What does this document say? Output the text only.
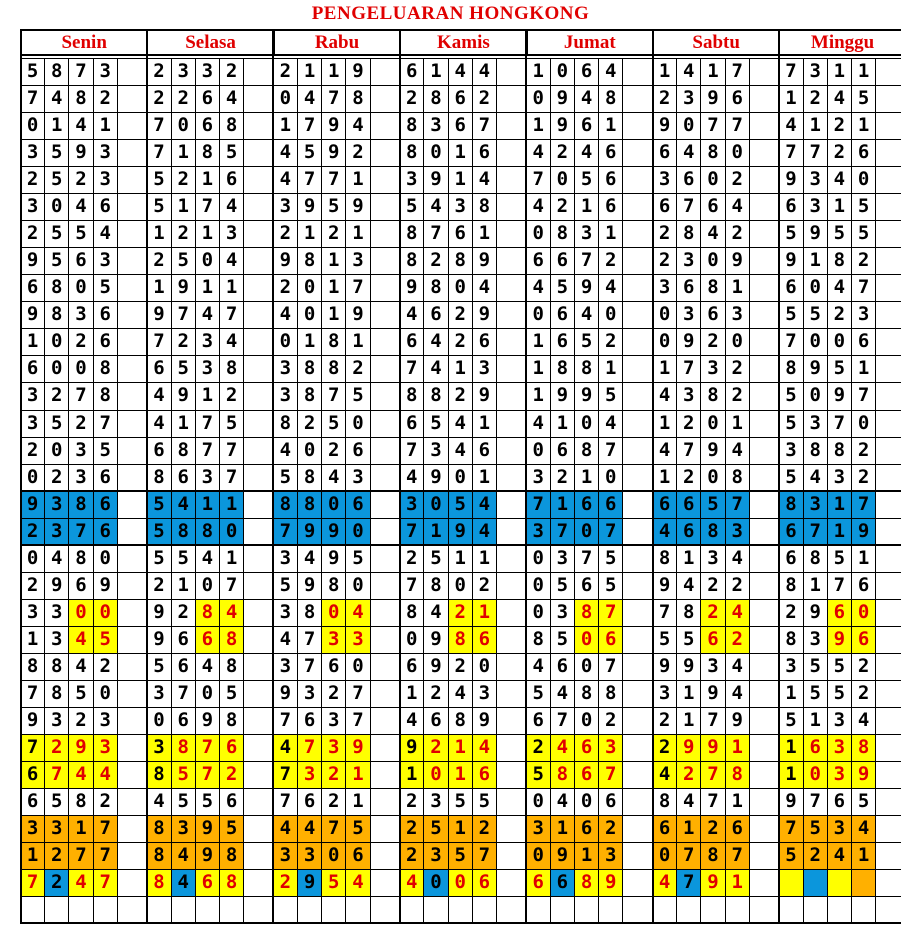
PENGELUARAN HONGKONG
Senin
5 8 7 3
7 4 8 2
0 1 4 1
3 5 9 3
2 5 2 3
3 0 4 6
2 5 5 4
9 5 6 3
6 8 0 5
9 8 3 6
1 0 2 6
6 0 0 8
3 2 7 8
3 5 2 7
2 0 3 5
0 2 3 6
9 3 8 6
2 3 7 6
0 4 8 0
2 9 6 9
3 3 0 0
1 3 4 5
8 8 4 2
7 8 5 0
9 3 2 3
7 2 9 3
6 7 4 4
6 5 8 2
3 3 1 7
1 2 7 7
7 2 4 7
Selasa
2 3 3 2
2 2 6 4
7 0 6 8
7 1 8 5
5 2 1 6
5 1 7 4
1 2 1 3
2 5 0 4
1 9 1 1
9 7 4 7
7 2 3 4
6 5 3 8
4 9 1 2
4 1 7 5
6 8 7 7
8 6 3 7
5 4 1 1
5 8 8 0
5 5 4 1
2 1 0 7
9 2 8 4
9 6 6 8
5 6 4 8
3 7 0 5
0 6 9 8
3 8 7 6
8 5 7 2
4 5 5 6
8 3 9 5
8 4 9 8
8 4 6 8
Rabu
2 1 1 9
0 4 7 8
1 7 9 4
4 5 9 2
4 7 7 1
3 9 5 9
2 1 2 1
9 8 1 3
2 0 1 7
4 0 1 9
0 1 8 1
3 8 8 2
3 8 7 5
8 2 5 0
4 0 2 6
5 8 4 3
8 8 0 6
7 9 9 0
3 4 9 5
5 9 8 0
3 8 0 4
4 7 3 3
3 7 6 0
9 3 2 7
7 6 3 7
4 7 3 9
7 3 2 1
7 6 2 1
4 4 7 5
3 3 0 6
2 9 5 4
Kamis
6 1 4 4
2 8 6 2
8 3 6 7
8 0 1 6
3 9 1 4
5 4 3 8
8 7 6 1
8 2 8 9
9 8 0 4
4 6 2 9
6 4 2 6
7 4 1 3
8 8 2 9
6 5 4 1
7 3 4 6
4 9 0 1
3 0 5 4
7 1 9 4
2 5 1 1
7 8 0 2
8 4 2 1
0 9 8 6
6 9 2 0
1 2 4 3
4 6 8 9
9 2 1 4
1 0 1 6
2 3 5 5
2 5 1 2
2 3 5 7
4 0 0 6
Jumat
1 0 6 4
0 9 4 8
1 9 6 1
4 2 4 6
7 0 5 6
4 2 1 6
0 8 3 1
6 6 7 2
4 5 9 4
0 6 4 0
1 6 5 2
1 8 8 1
1 9 9 5
4 1 0 4
0 6 8 7
3 2 1 0
7 1 6 6
3 7 0 7
0 3 7 5
0 5 6 5
0 3 8 7
8 5 0 6
4 6 0 7
5 4 8 8
6 7 0 2
2 4 6 3
5 8 6 7
0 4 0 6
3 1 6 2
0 9 1 3
6 6 8 9
Sabtu
1 4 1 7
2 3 9 6
9 0 7 7
6 4 8 0
3 6 0 2
6 7 6 4
2 8 4 2
2 3 0 9
3 6 8 1
0 3 6 3
0 9 2 0
1 7 3 2
4 3 8 2
1 2 0 1
4 7 9 4
1 2 0 8
6 6 5 7
4 6 8 3
8 1 3 4
9 4 2 2
7 8 2 4
5 5 6 2
9 9 3 4
3 1 9 4
2 1 7 9
2 9 9 1
4 2 7 8
8 4 7 1
6 1 2 6
0 7 8 7
4 7 9 1
Minggu
7 3 1 1
1 2 4 5
4 1 2 1
7 7 2 6
9 3 4 0
6 3 1 5
5 9 5 5
9 1 8 2
6 0 4 7
5 5 2 3
7 0 0 6
8 9 5 1
5 0 9 7
5 3 7 0
3 8 8 2
5 4 3 2
8 3 1 7
6 7 1 9
6 8 5 1
8 1 7 6
2 9 6 0
8 3 9 6
3 5 5 2
1 5 5 2
5 1 3 4
1 6 3 8
1 0 3 9
9 7 6 5
7 5 3 4
5 2 4 1
